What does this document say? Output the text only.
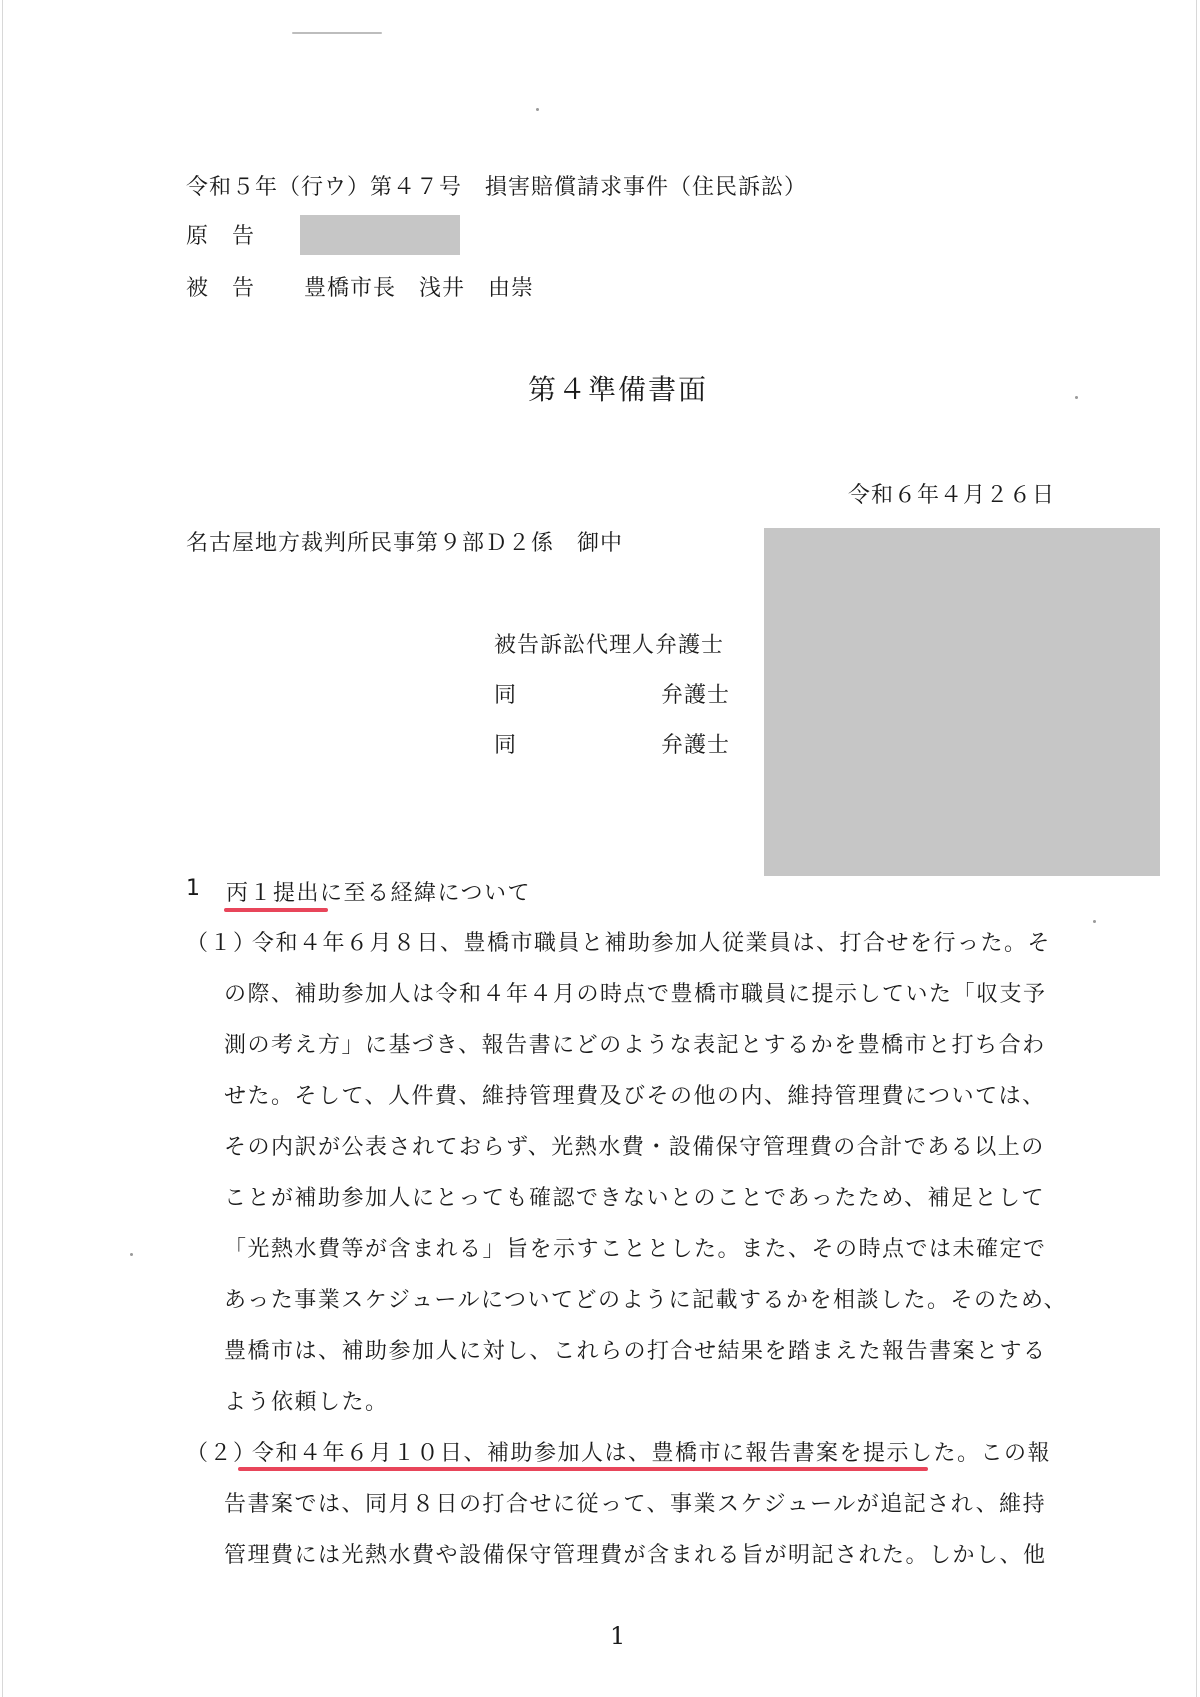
令和５年（行ウ）第４７号　損害賠償請求事件（住民訴訟）
原　告
被　告 豊橋市長　浅井　由崇
第４準備書面
令和６年４月２６日
名古屋地方裁判所民事第９部Ｄ２係　御中
被告訴訟代理人弁護士
同	弁護士
同	弁護士
1 丙１提出に至る経緯について
（１）
令和４年６月８日、豊橋市職員と補助参加人従業員は、打合せを行った。そ
の際、補助参加人は令和４年４月の時点で豊橋市職員に提示していた「収支予
測の考え方」に基づき、報告書にどのような表記とするかを豊橋市と打ち合わ
せた。そして、人件費、維持管理費及びその他の内、維持管理費については、
その内訳が公表されておらず、光熱水費・設備保守管理費の合計である以上の
ことが補助参加人にとっても確認できないとのことであったため、補足として
「光熱水費等が含まれる」旨を示すこととした。また、その時点では未確定で
あった事業スケジュールについてどのように記載するかを相談した。そのため、
豊橋市は、補助参加人に対し、これらの打合せ結果を踏まえた報告書案とする
よう依頼した。
（２）
令和４年６月１０日、補助参加人は、豊橋市に報告書案を提示した。この報
告書案では、同月８日の打合せに従って、事業スケジュールが追記され、維持
管理費には光熱水費や設備保守管理費が含まれる旨が明記された。しかし、他
1
